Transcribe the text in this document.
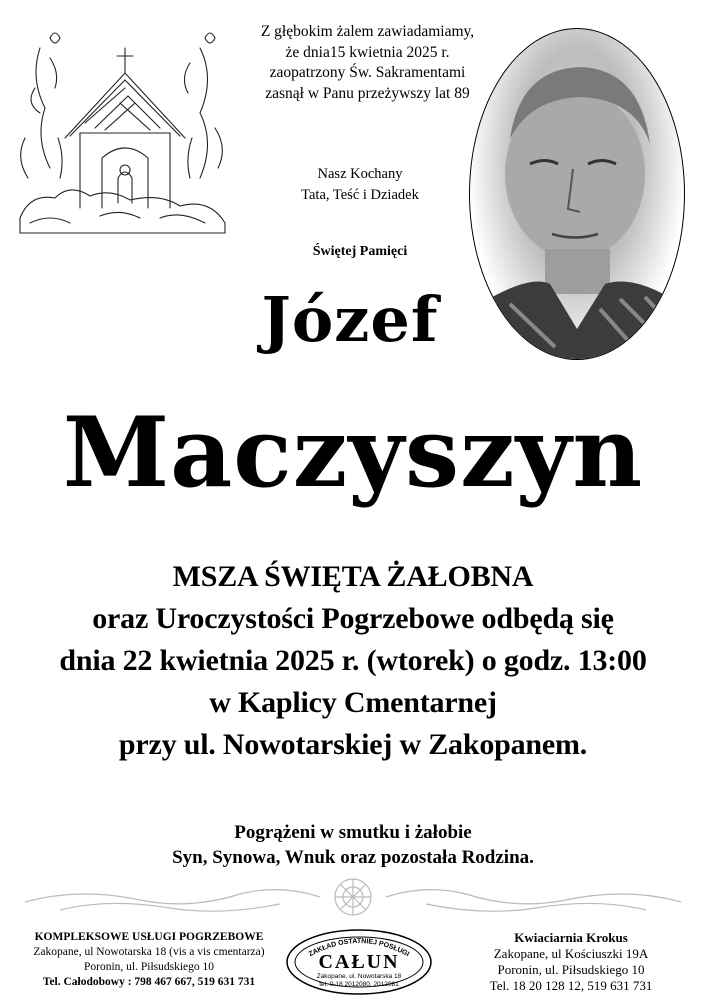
Z głębokim żalem zawiadamiamy,
że dnia15 kwietnia 2025 r.
zaopatrzony Św. Sakramentami
zasnął w Panu przeżywszy lat 89
Nasz Kochany
Tata, Teść i Dziadek
Świętej Pamięci
Józef
Maczyszyn
MSZA ŚWIĘTA ŻAŁOBNA
oraz Uroczystości Pogrzebowe odbędą się
dnia 22 kwietnia 2025 r. (wtorek) o godz. 13:00
w Kaplicy Cmentarnej
przy ul. Nowotarskiej w Zakopanem.
Pogrążeni w smutku i żałobie
Syn, Synowa, Wnuk oraz pozostała Rodzina.
KOMPLEKSOWE USŁUGI POGRZEBOWE
Zakopane, ul Nowotarska 18 (vis a vis cmentarza)
Poronin, ul. Piłsudskiego 10
Tel. Całodobowy : 798 467 667, 519 631 731
ZAKŁAD OSTATNIEJ POSŁUGI
CAŁUN
Zakopane, ul. Nowotarska 18
tel. 0-18 2012080, 2012081
Kwiaciarnia Krokus
Zakopane, ul Kościuszki 19A
Poronin, ul. Piłsudskiego 10
Tel. 18 20 128 12, 519 631 731
